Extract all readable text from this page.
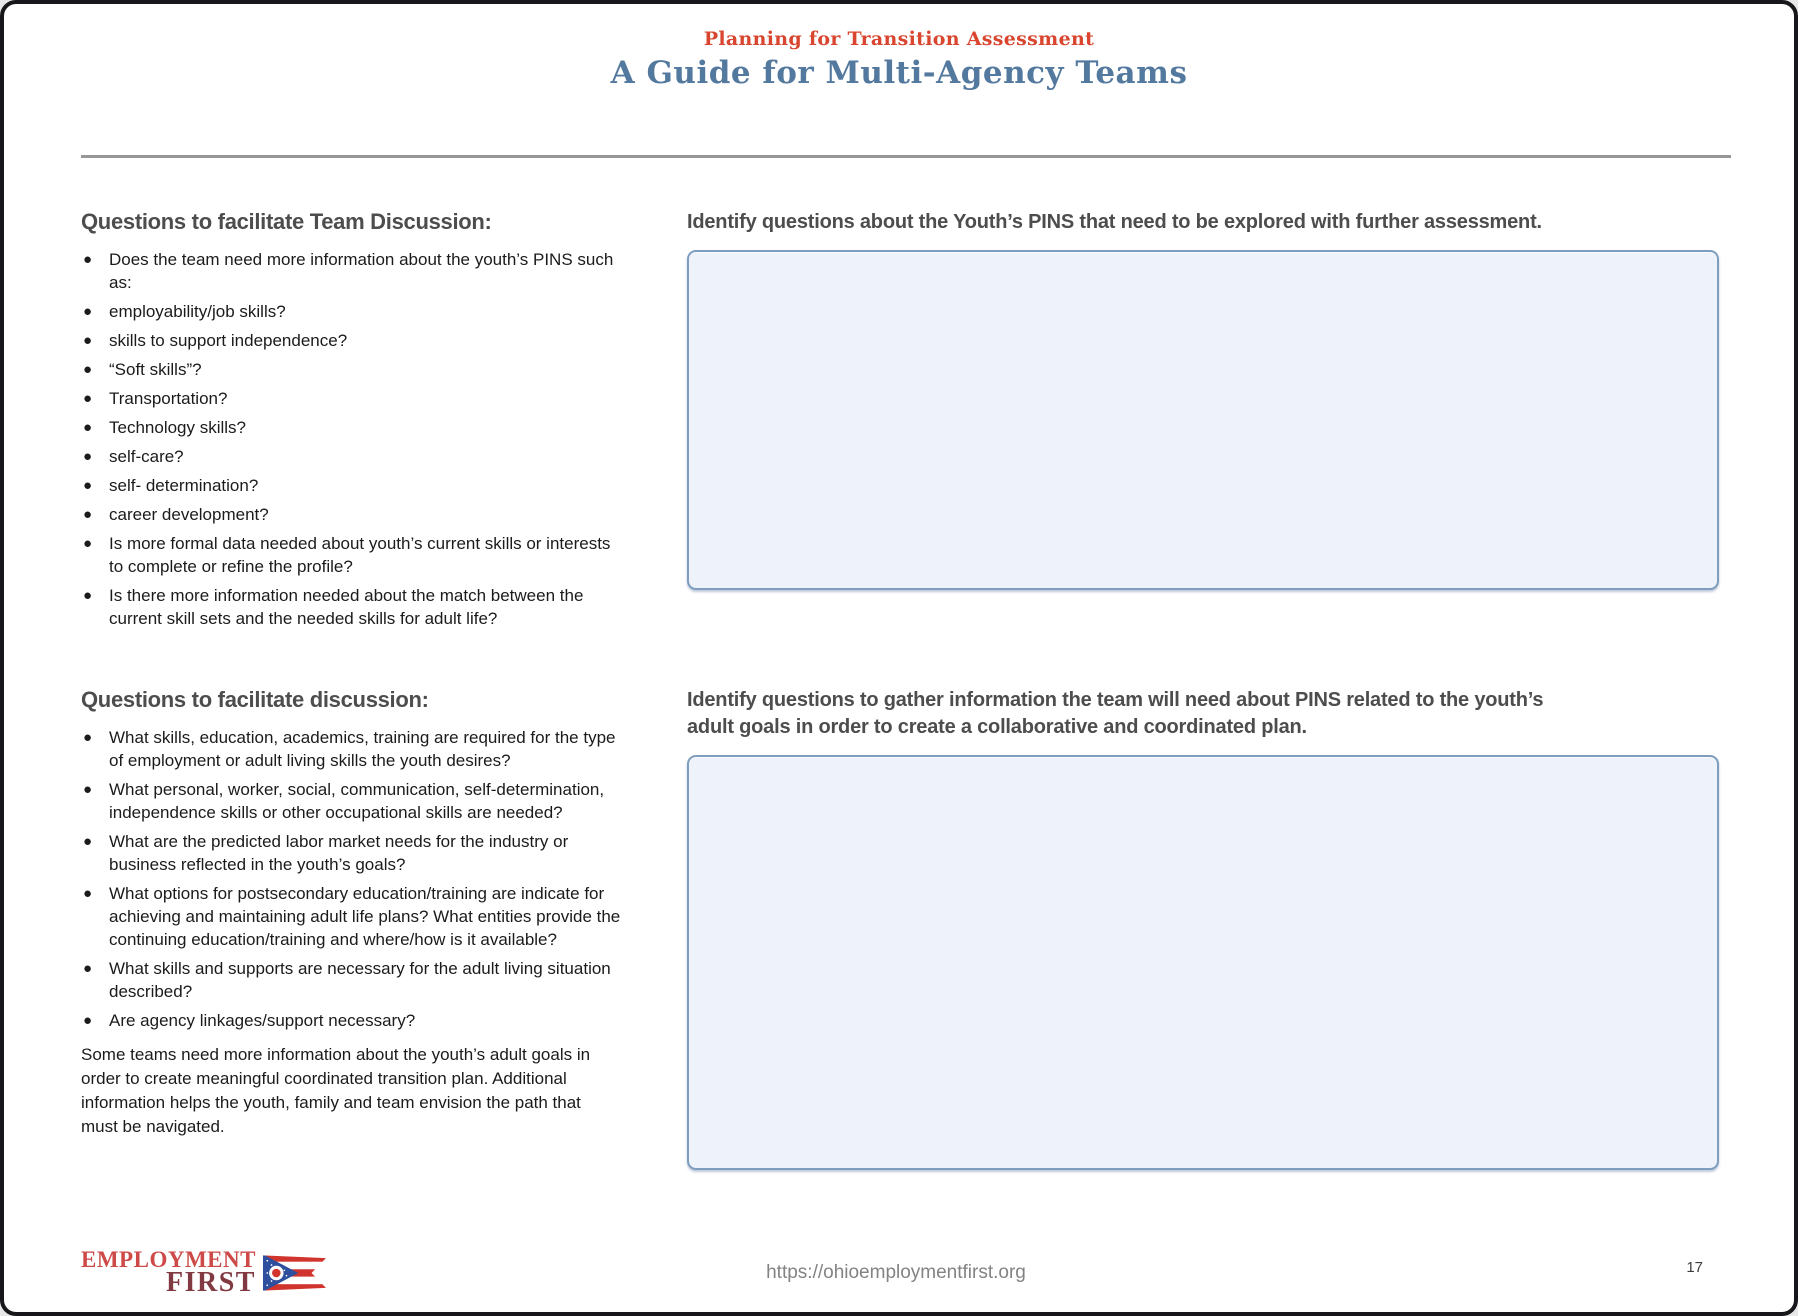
Planning for Transition Assessment
A Guide for Multi-Agency Teams
Questions to facilitate Team Discussion:
● Does the team need more information about the youth’s PINS such as:
● employability/job skills?
● skills to support independence?
● “Soft skills”?
● Transportation?
● Technology skills?
● self-care?
● self- determination?
● career development?
● Is more formal data needed about youth’s current skills or interests to complete or refine the profile?
● Is there more information needed about the match between the current skill sets and the needed skills for adult life?
Questions to facilitate discussion:
● What skills, education, academics, training are required for the type of employment or adult living skills the youth desires?
● What personal, worker, social, communication, self-determination, independence skills or other occupational skills are needed?
● What are the predicted labor market needs for the industry or business reflected in the youth’s goals?
● What options for postsecondary education/training are indicate for achieving and maintaining adult life plans? What entities provide the continuing education/training and where/how is it available?
● What skills and supports are necessary for the adult living situation described?
● Are agency linkages/support necessary?
Some teams need more information about the youth’s adult goals in order to create meaningful coordinated transition plan. Additional information helps the youth, family and team envision the path that must be navigated.

Identify questions about the Youth’s PINS that need to be explored with further assessment.

Identify questions to gather information the team will need about PINS related to the youth’s adult goals in order to create a collaborative and coordinated plan.

EMPLOYMENT
FIRST	https://ohioemploymentfirst.org	17
